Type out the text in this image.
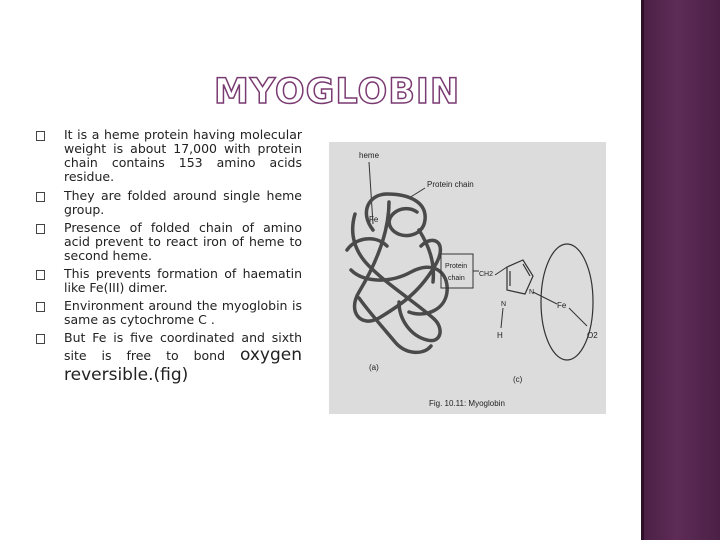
MYOGLOBIN
It is a heme protein having molecular weight is about 17,000 with protein chain contains 153 amino acids residue.
They are folded around single heme group.
Presence of folded chain of amino acid prevent to react iron of heme to second heme.
This prevents formation of haematin like Fe(III) dimer.
Environment around the myoglobin is same as cytochrome C .
But Fe is five coordinated and sixth site is free to bond oxygen reversible.(fig)
heme
Protein chain
Fe
Protein
chain
CH2
N
N
H
Fe
O2
(a)
(c)
Fig. 10.11: Myoglobin
